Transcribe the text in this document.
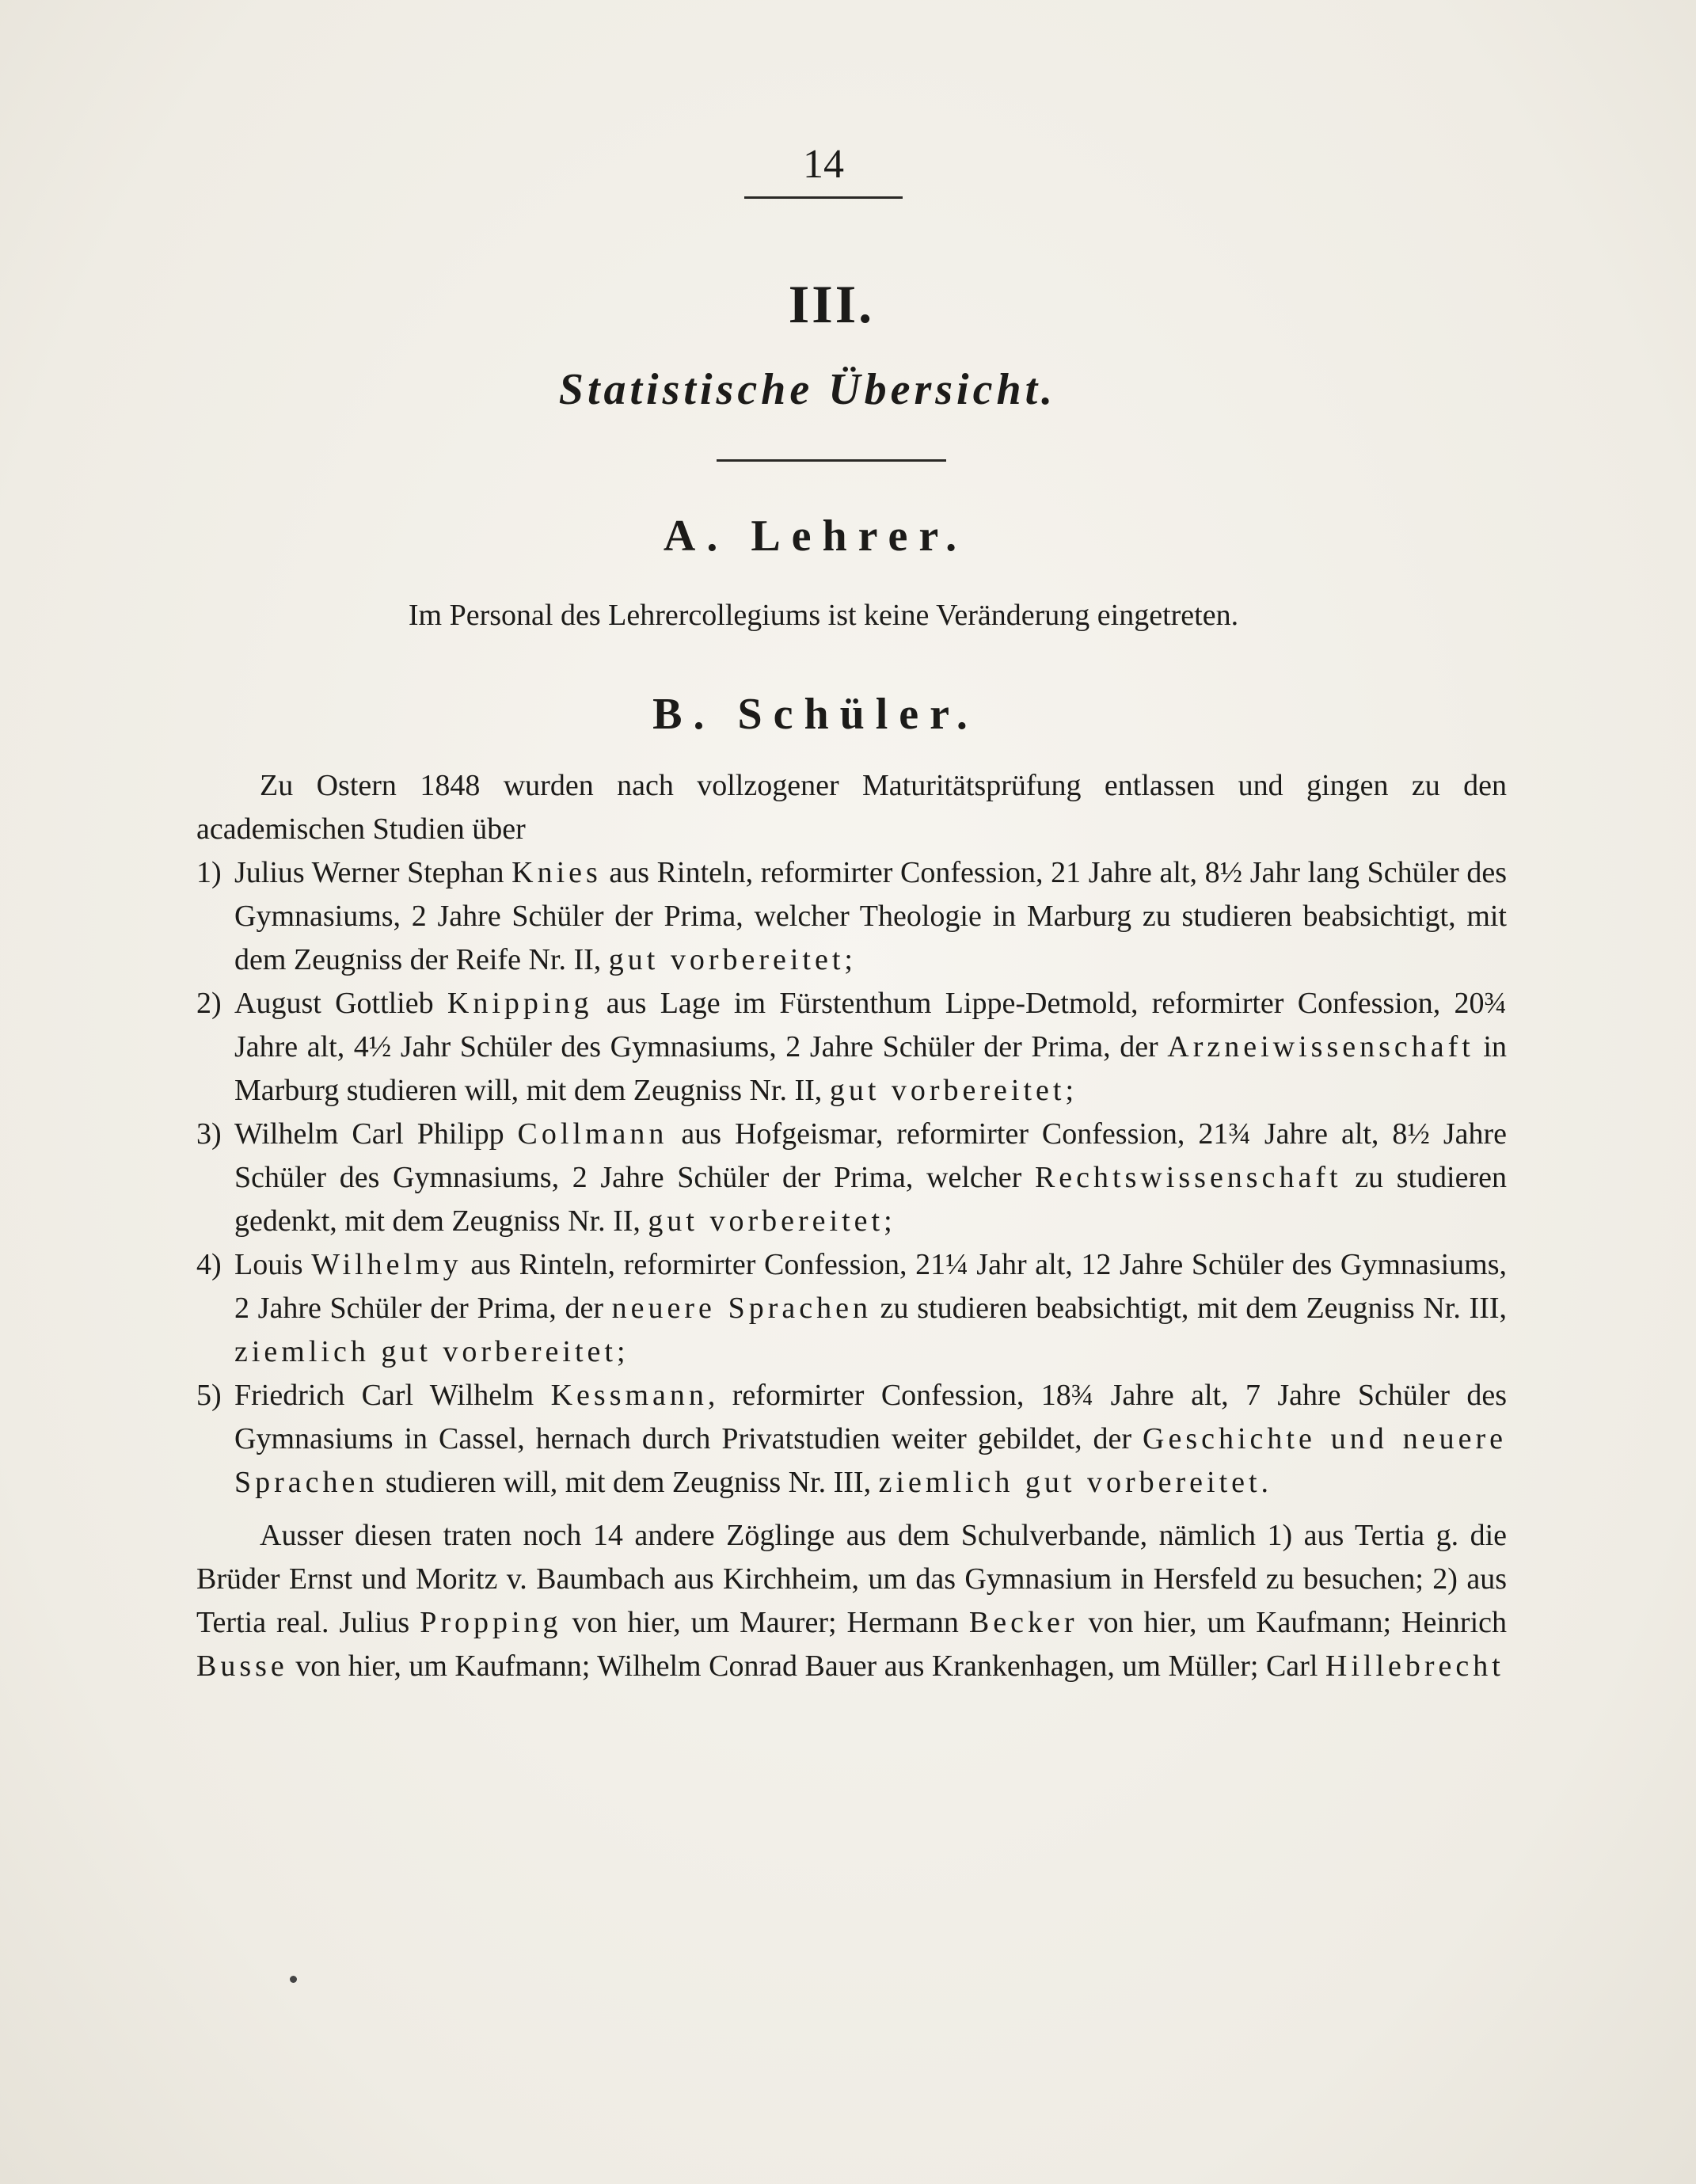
14
III.
Statistische Übersicht.
A. Lehrer.
Im Personal des Lehrercollegiums ist keine Veränderung eingetreten.
B. Schüler.

Zu Ostern 1848 wurden nach vollzogener Maturitätsprüfung entlassen und gingen zu den academischen Studien über

1) Julius Werner Stephan Knies aus Rinteln, reformirter Confession, 21 Jahre alt, 8½ Jahr lang Schüler des Gymnasiums, 2 Jahre Schüler der Prima, welcher Theologie in Marburg zu studieren beabsichtigt, mit dem Zeugniss der Reife Nr. II, gut vorbereitet;
2) August Gottlieb Knipping aus Lage im Fürstenthum Lippe-Detmold, reformirter Confession, 20¾ Jahre alt, 4½ Jahr Schüler des Gymnasiums, 2 Jahre Schüler der Prima, der Arzneiwissenschaft in Marburg studieren will, mit dem Zeugniss Nr. II, gut vorbereitet;
3) Wilhelm Carl Philipp Collmann aus Hofgeismar, reformirter Confession, 21¾ Jahre alt, 8½ Jahre Schüler des Gymnasiums, 2 Jahre Schüler der Prima, welcher Rechtswissenschaft zu studieren gedenkt, mit dem Zeugniss Nr. II, gut vorbereitet;
4) Louis Wilhelmy aus Rinteln, reformirter Confession, 21¼ Jahr alt, 12 Jahre Schüler des Gymnasiums, 2 Jahre Schüler der Prima, der neuere Sprachen zu studieren beabsichtigt, mit dem Zeugniss Nr. III, ziemlich gut vorbereitet;
5) Friedrich Carl Wilhelm Kessmann, reformirter Confession, 18¾ Jahre alt, 7 Jahre Schüler des Gymnasiums in Cassel, hernach durch Privatstudien weiter gebildet, der Geschichte und neuere Sprachen studieren will, mit dem Zeugniss Nr. III, ziemlich gut vorbereitet.

Ausser diesen traten noch 14 andere Zöglinge aus dem Schulverbande, nämlich 1) aus Tertia g. die Brüder Ernst und Moritz v. Baumbach aus Kirchheim, um das Gymnasium in Hersfeld zu besuchen; 2) aus Tertia real. Julius Propping von hier, um Maurer; Hermann Becker von hier, um Kaufmann; Heinrich Busse von hier, um Kaufmann; Wilhelm Conrad Bauer aus Krankenhagen, um Müller; Carl Hillebrecht
